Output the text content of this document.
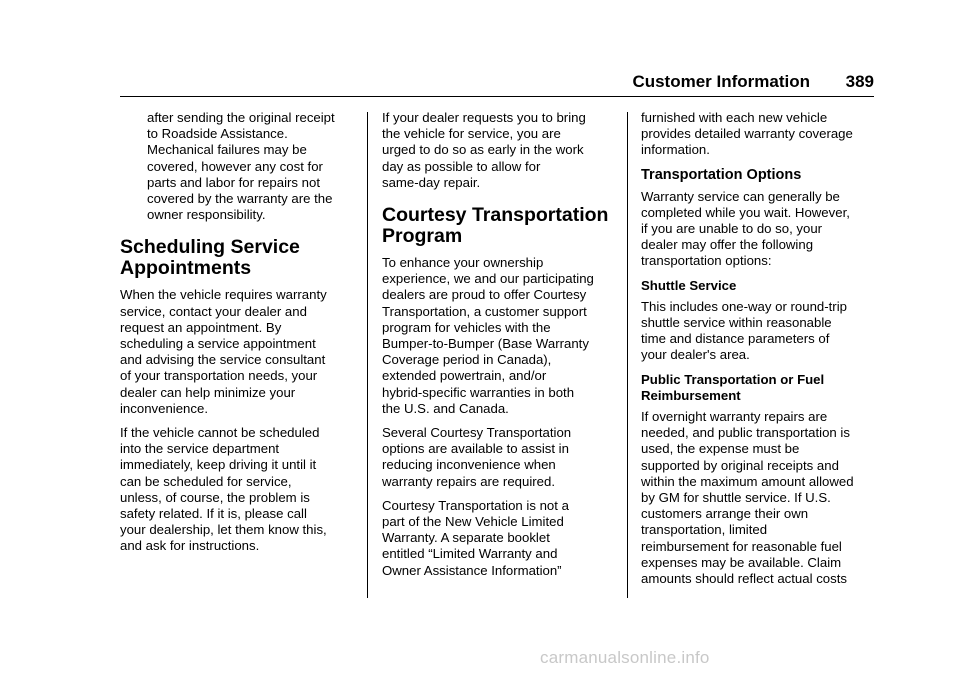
Customer Information 389

after sending the original receipt
to Roadside Assistance.
Mechanical failures may be
covered, however any cost for
parts and labor for repairs not
covered by the warranty are the
owner responsibility.

Scheduling Service
Appointments

When the vehicle requires warranty
service, contact your dealer and
request an appointment. By
scheduling a service appointment
and advising the service consultant
of your transportation needs, your
dealer can help minimize your
inconvenience.

If the vehicle cannot be scheduled
into the service department
immediately, keep driving it until it
can be scheduled for service,
unless, of course, the problem is
safety related. If it is, please call
your dealership, let them know this,
and ask for instructions.

If your dealer requests you to bring
the vehicle for service, you are
urged to do so as early in the work
day as possible to allow for
same-day repair.

Courtesy Transportation
Program

To enhance your ownership
experience, we and our participating
dealers are proud to offer Courtesy
Transportation, a customer support
program for vehicles with the
Bumper-to-Bumper (Base Warranty
Coverage period in Canada),
extended powertrain, and/or
hybrid-specific warranties in both
the U.S. and Canada.

Several Courtesy Transportation
options are available to assist in
reducing inconvenience when
warranty repairs are required.

Courtesy Transportation is not a
part of the New Vehicle Limited
Warranty. A separate booklet
entitled “Limited Warranty and
Owner Assistance Information”

furnished with each new vehicle
provides detailed warranty coverage
information.

Transportation Options

Warranty service can generally be
completed while you wait. However,
if you are unable to do so, your
dealer may offer the following
transportation options:

Shuttle Service

This includes one-way or round-trip
shuttle service within reasonable
time and distance parameters of
your dealer's area.

Public Transportation or Fuel
Reimbursement

If overnight warranty repairs are
needed, and public transportation is
used, the expense must be
supported by original receipts and
within the maximum amount allowed
by GM for shuttle service. If U.S.
customers arrange their own
transportation, limited
reimbursement for reasonable fuel
expenses may be available. Claim
amounts should reflect actual costs

carmanualsonline.info
